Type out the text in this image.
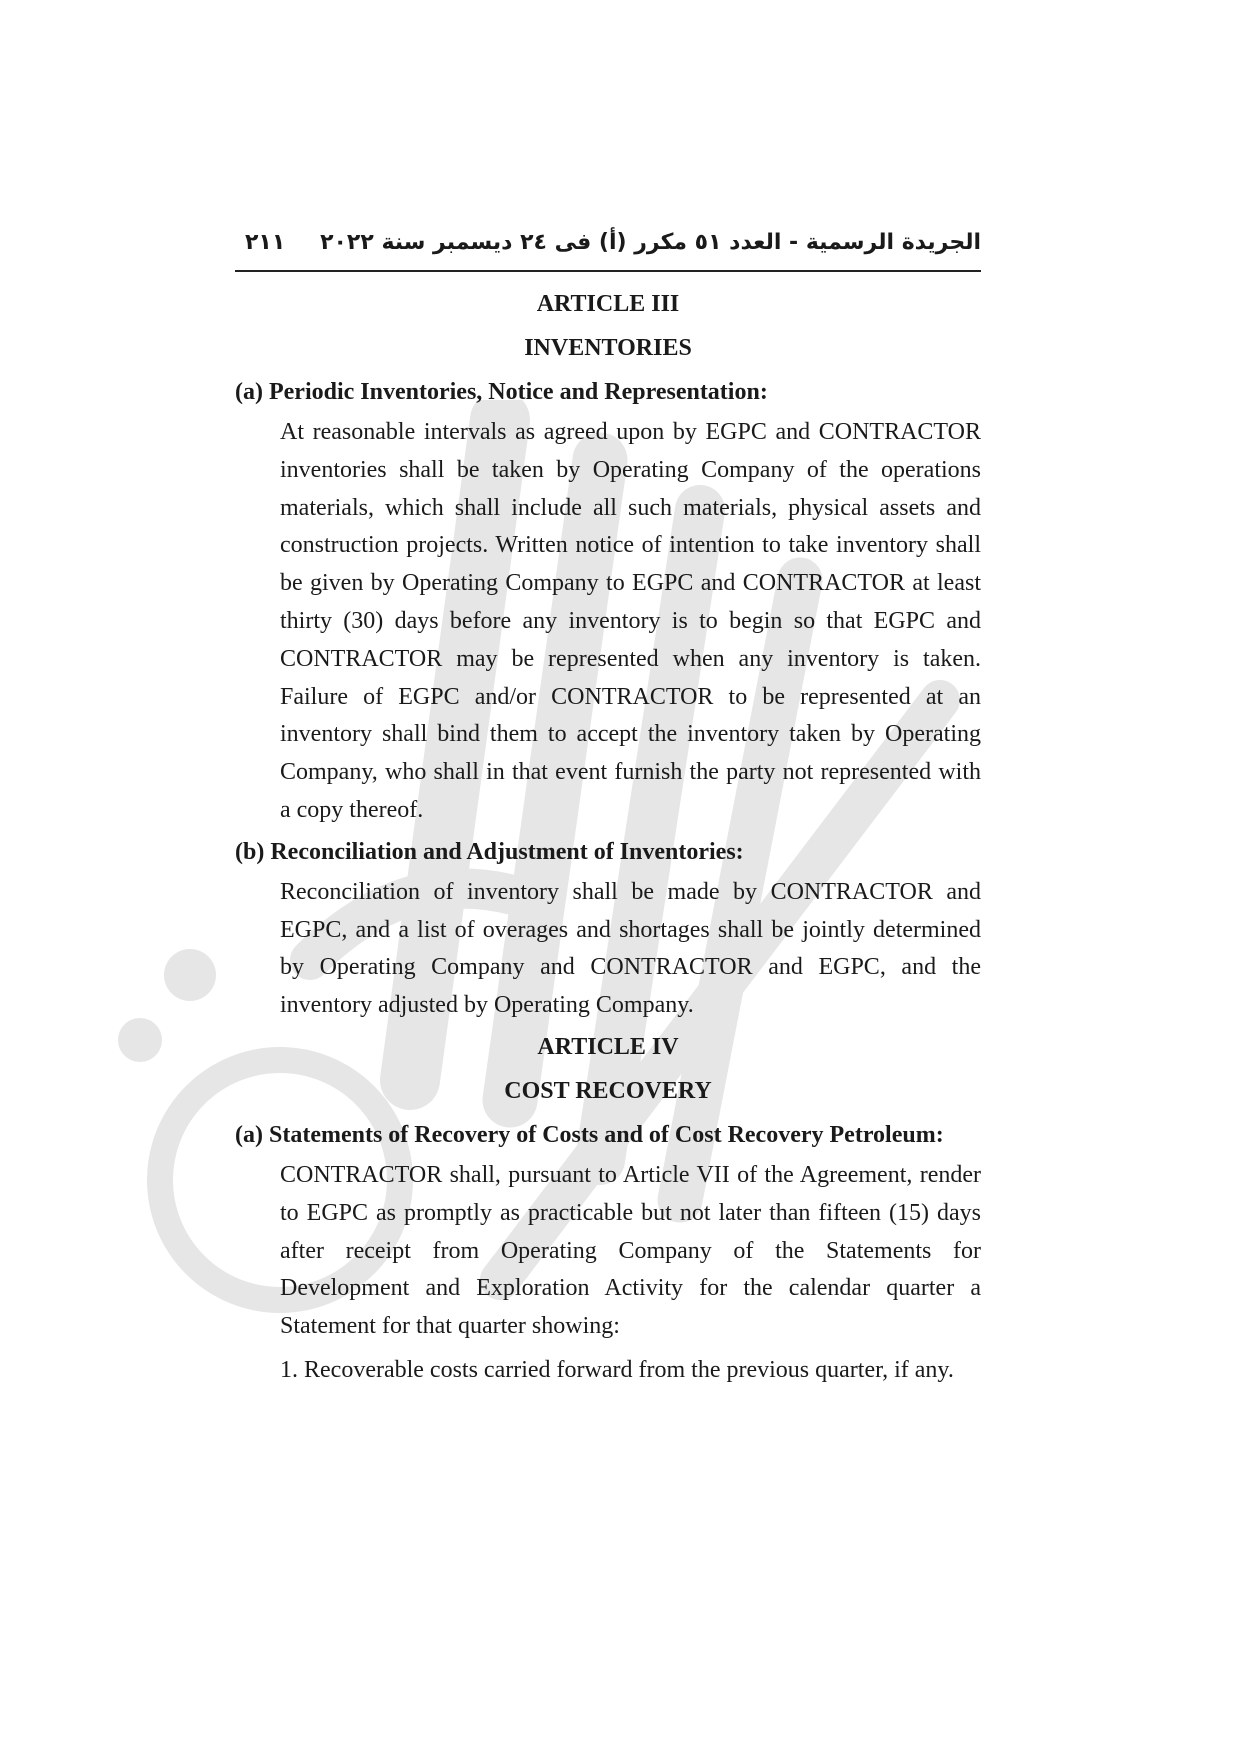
٢١١ الجريدة الرسمية - العدد ٥١ مكرر (أ) فى ٢٤ ديسمبر سنة ٢٠٢٢

ARTICLE III

INVENTORIES

(a) Periodic Inventories, Notice and Representation:

At reasonable intervals as agreed upon by EGPC and CONTRACTOR inventories shall be taken by Operating Company of the operations materials, which shall include all such materials, physical assets and construction projects. Written notice of intention to take inventory shall be given by Operating Company to EGPC and CONTRACTOR at least thirty (30) days before any inventory is to begin so that EGPC and CONTRACTOR may be represented when any inventory is taken. Failure of EGPC and/or CONTRACTOR to be represented at an inventory shall bind them to accept the inventory taken by Operating Company, who shall in that event furnish the party not represented with a copy thereof.

(b) Reconciliation and Adjustment of Inventories:

Reconciliation of inventory shall be made by CONTRACTOR and EGPC, and a list of overages and shortages shall be jointly determined by Operating Company and CONTRACTOR and EGPC, and the inventory adjusted by Operating Company.

ARTICLE IV

COST RECOVERY

(a) Statements of Recovery of Costs and of Cost Recovery Petroleum:

CONTRACTOR shall, pursuant to Article VII of the Agreement, render to EGPC as promptly as practicable but not later than fifteen (15) days after receipt from Operating Company of the Statements for Development and Exploration Activity for the calendar quarter a Statement for that quarter showing:

1. Recoverable costs carried forward from the previous quarter, if any.
